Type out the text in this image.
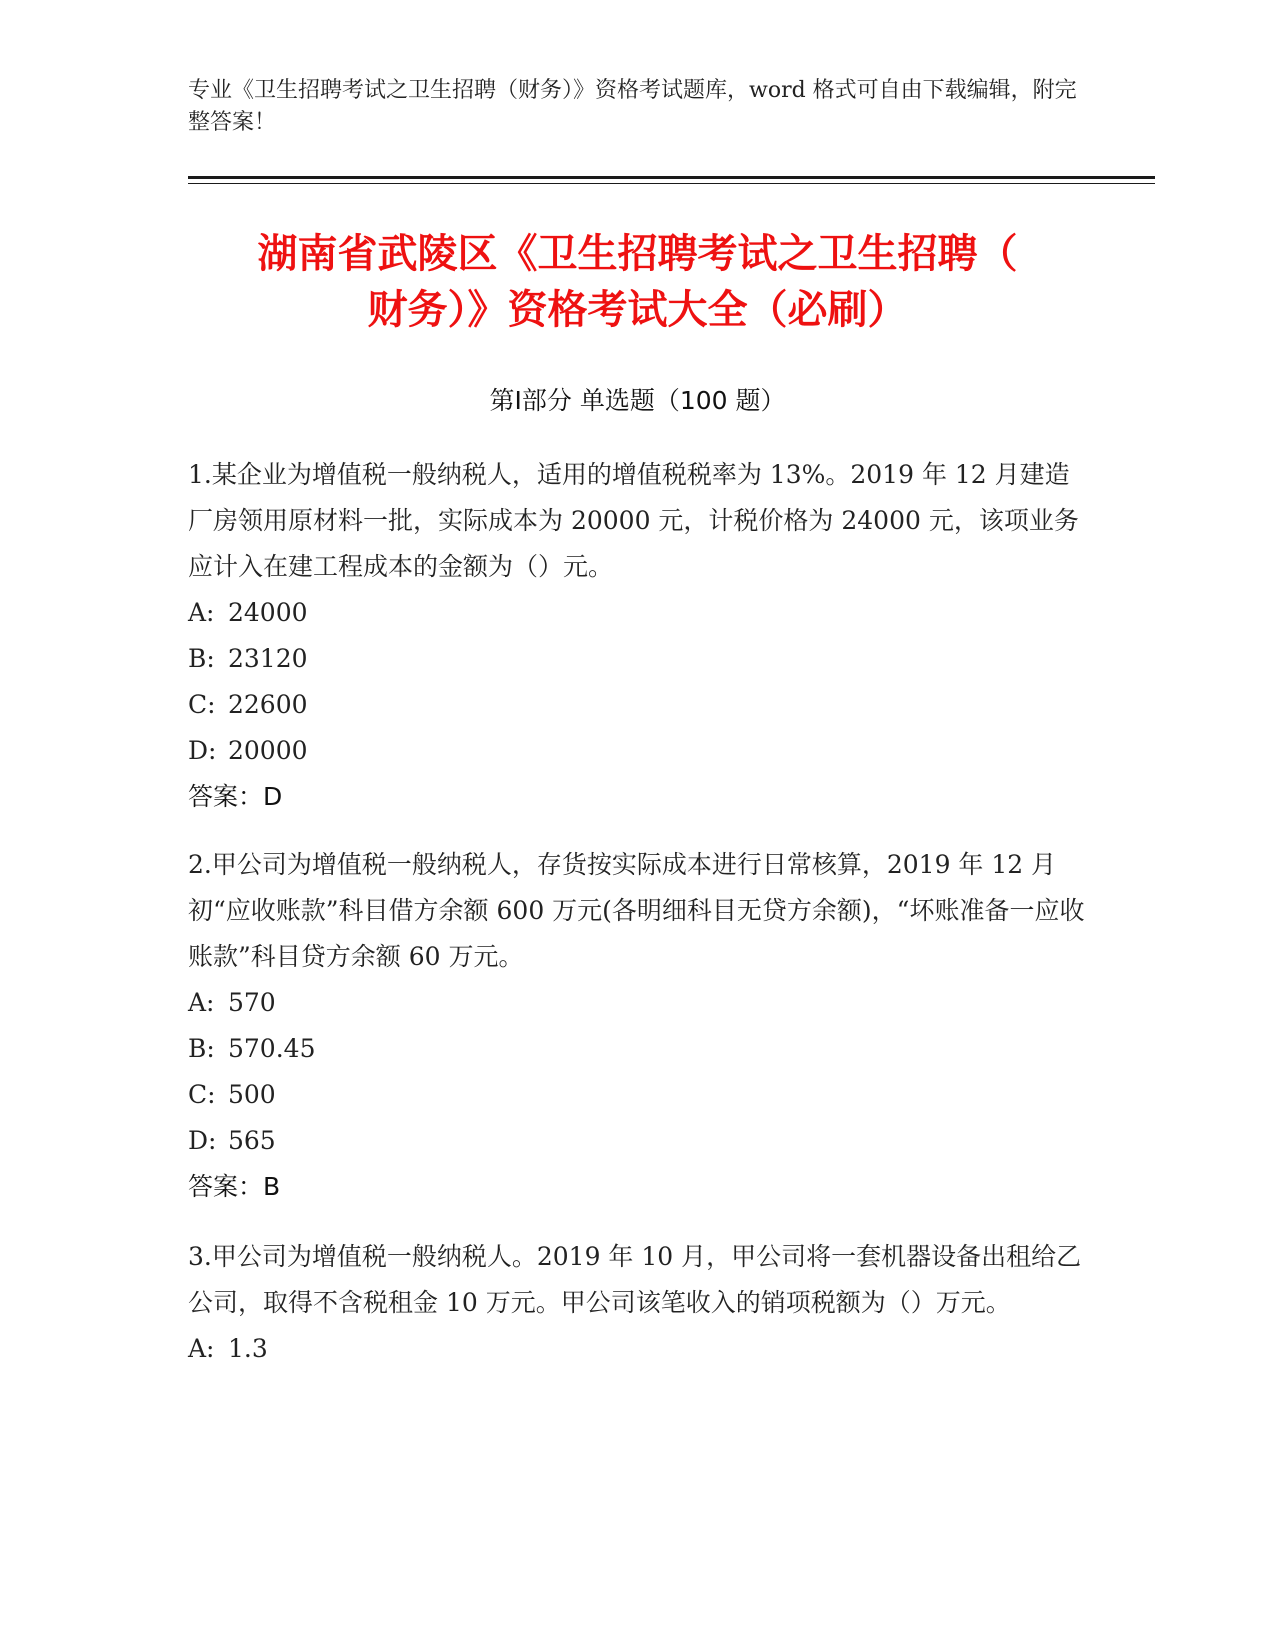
专业《卫生招聘考试之卫生招聘（财务）》资格考试题库，word 格式可自由下载编辑，附完整答案！
湖南省武陵区《卫生招聘考试之卫生招聘（
财务）》资格考试大全（必刷）
第Ⅰ部分 单选题（100 题）

1.某企业为增值税一般纳税人，适用的增值税税率为 13%。2019 年 12 月建造厂房领用原材料一批，实际成本为 20000 元，计税价格为 24000 元，该项业务应计入在建工程成本的金额为（）元。

A: 24000

B: 23120

C: 22600

D: 20000

答案：D

2.甲公司为增值税一般纳税人，存货按实际成本进行日常核算，2019 年 12 月初“应收账款”科目借方余额 600 万元(各明细科目无贷方余额)，“坏账准备一应收账款”科目贷方余额 60 万元。

A: 570

B: 570.45

C: 500

D: 565

答案：B

3.甲公司为增值税一般纳税人。2019 年 10 月，甲公司将一套机器设备出租给乙公司，取得不含税租金 10 万元。甲公司该笔收入的销项税额为（）万元。

A: 1.3
